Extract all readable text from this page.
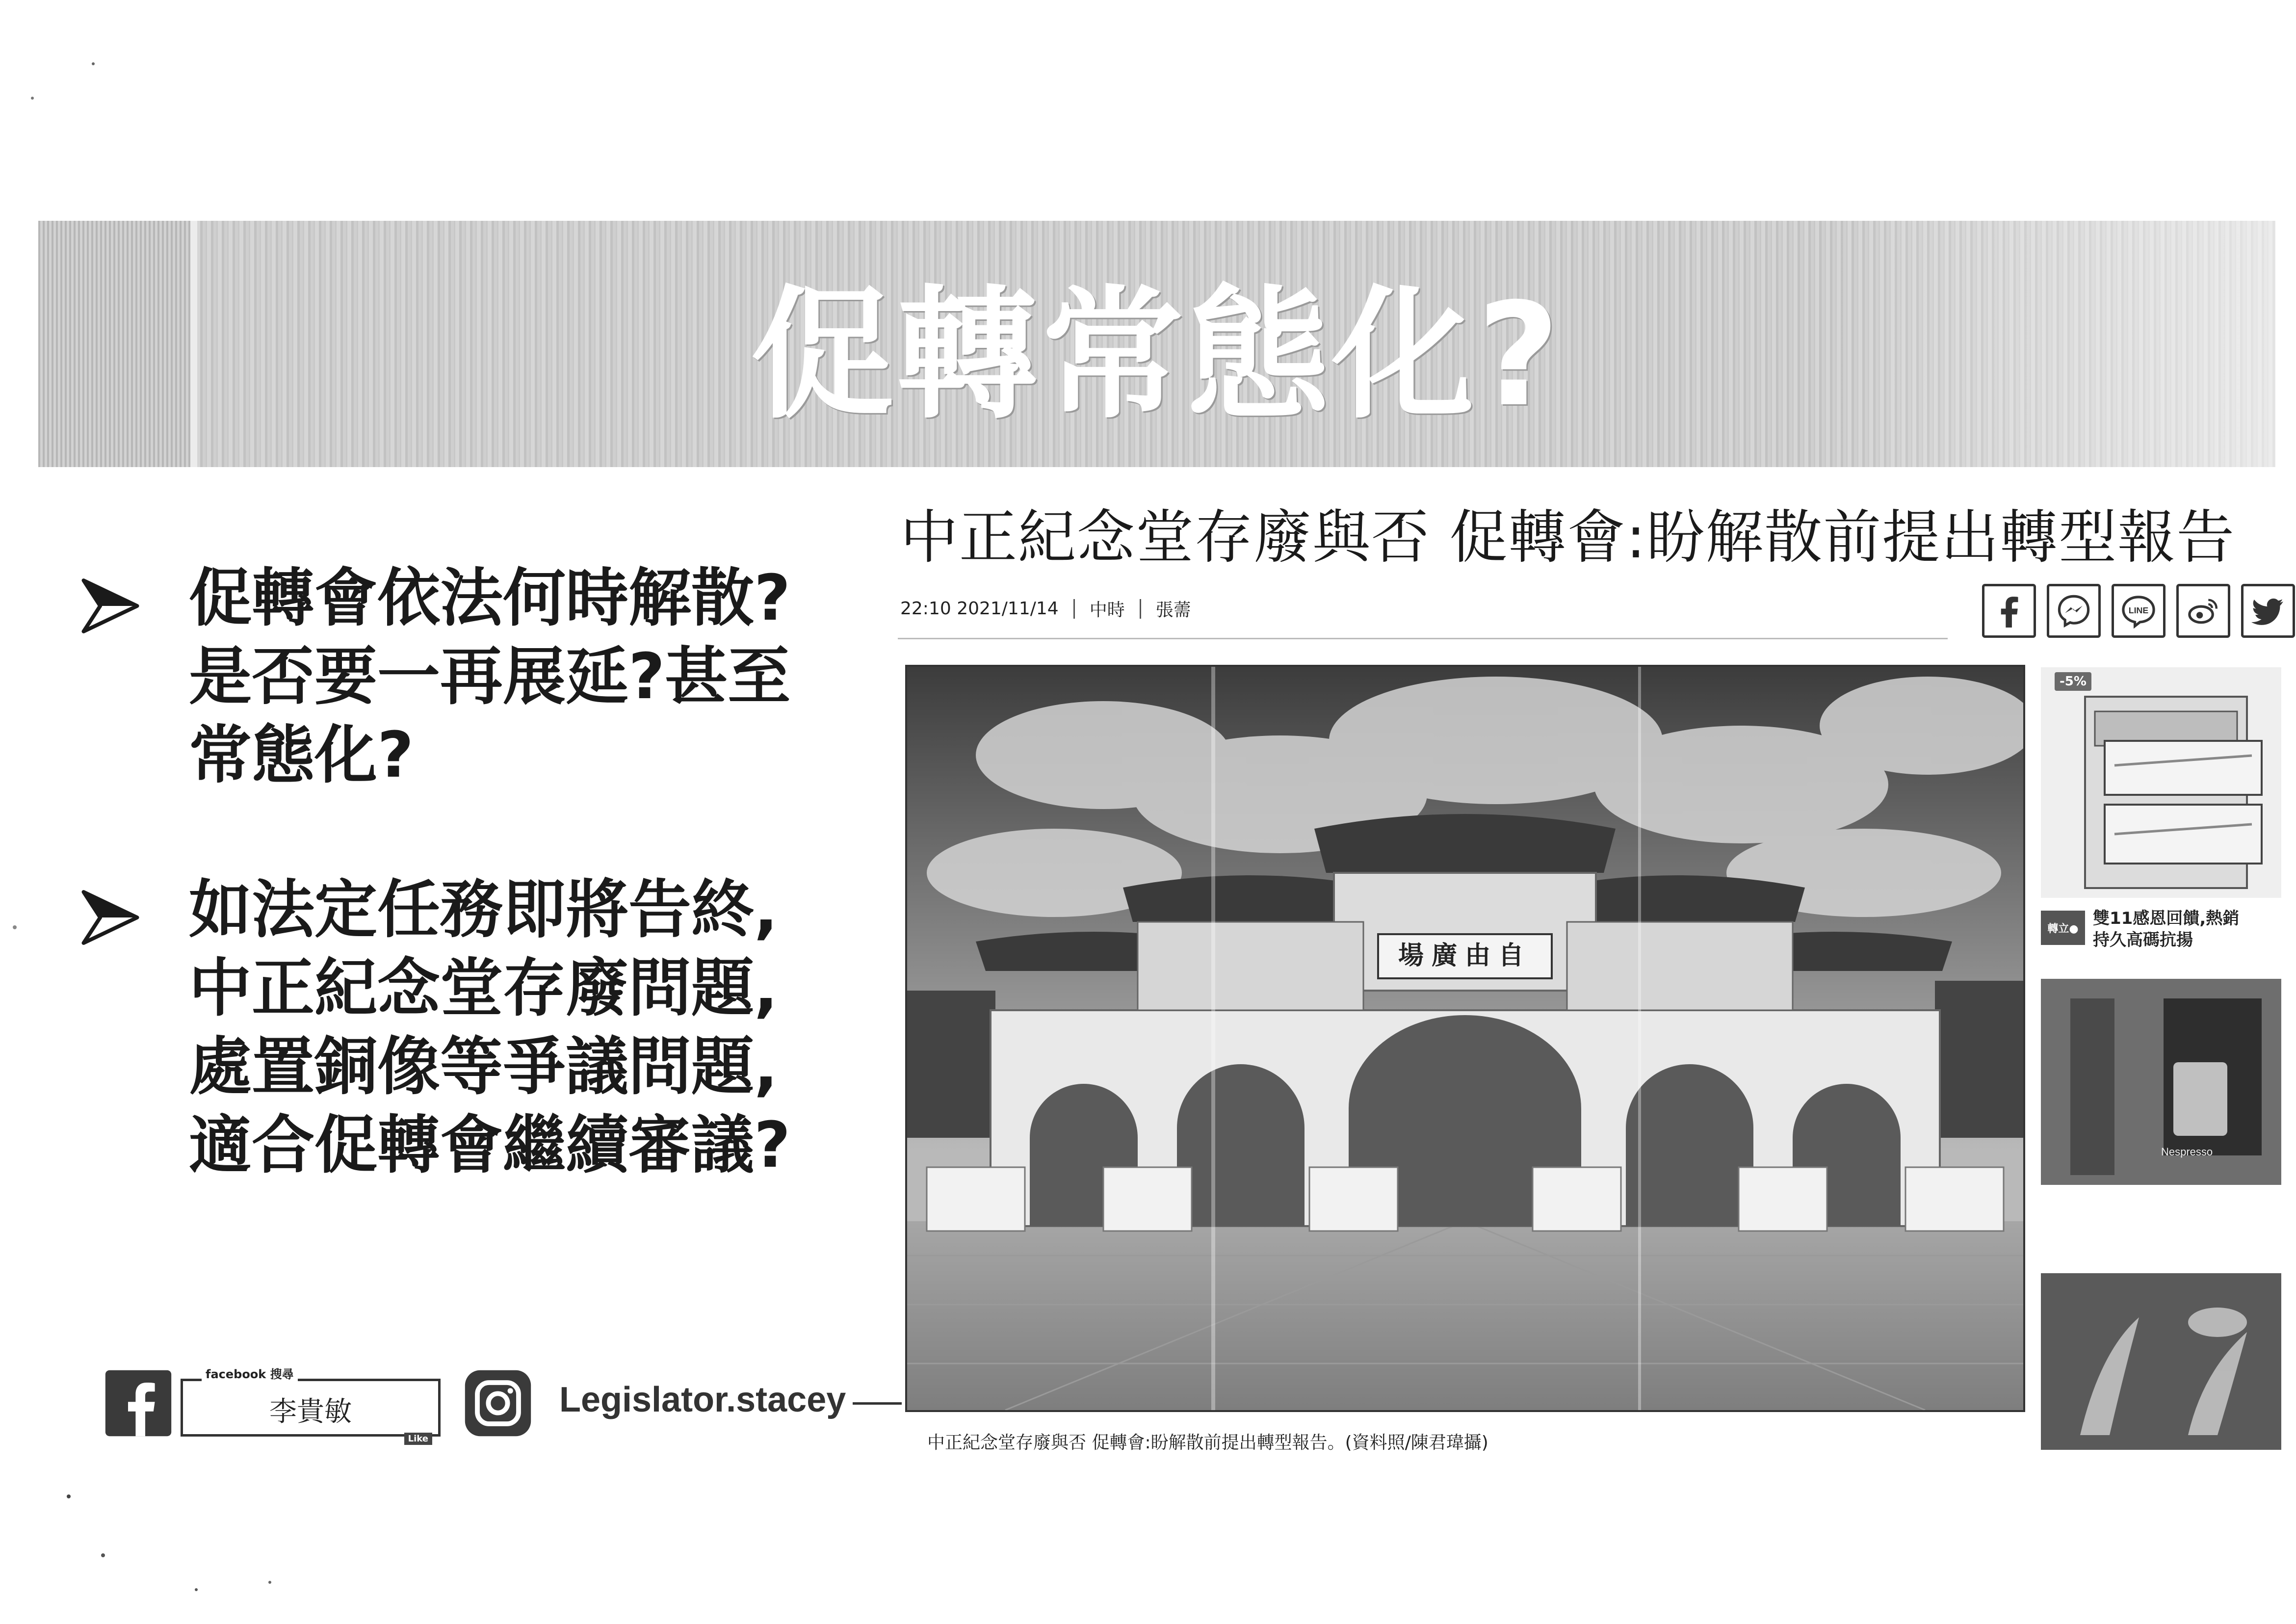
促轉常態化?
促轉會依法何時解散?
是否要一再展延?甚至
常態化?
如法定任務即將告終,
中正紀念堂存廢問題,
處置銅像等爭議問題,
適合促轉會繼續審議?
facebook 搜尋
李貴敏
Like
Legislator.stacey
中正紀念堂存廢與否 促轉會:盼解散前提出轉型報告
22:10 2021/11/14 中時 張薷	LINE
場廣由自
中正紀念堂存廢與否 促轉會:盼解散前提出轉型報告。(資料照/陳君瑋攝)
-5%
轉立●
雙11感恩回饋,熱銷
持久高碼抗揚
Nespresso
